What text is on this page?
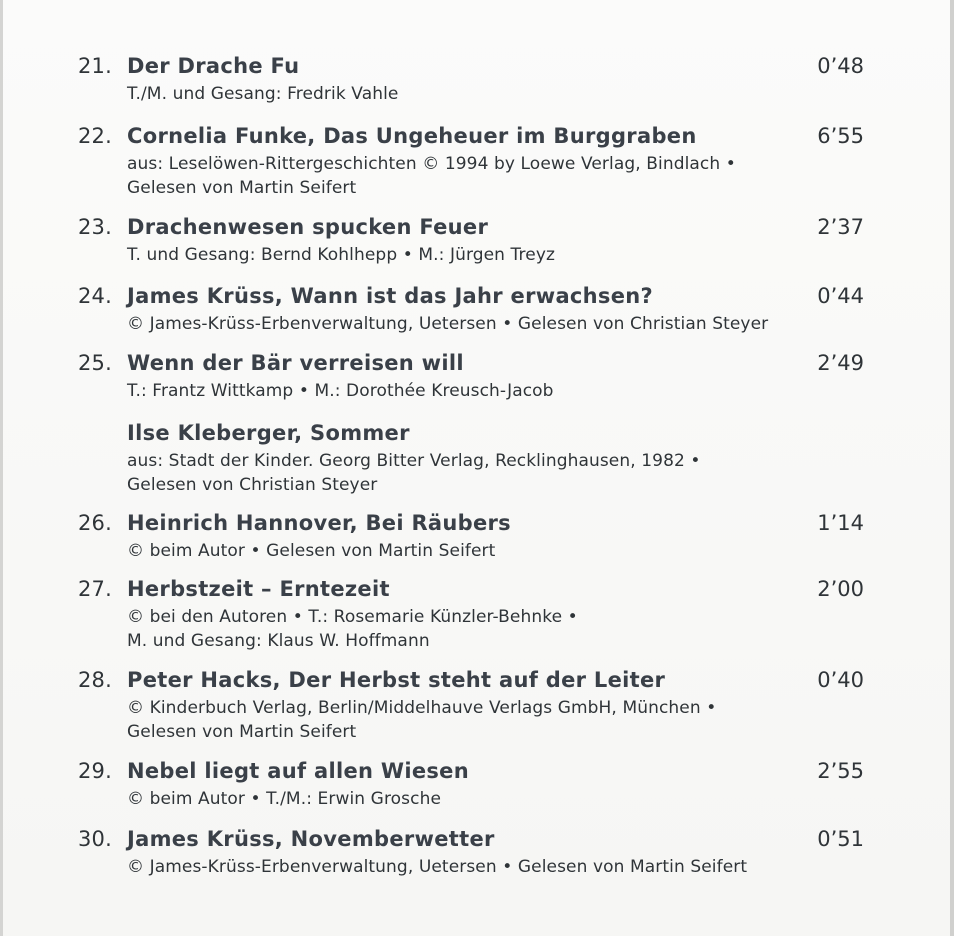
21. Der Drache Fu	0’48
T./M. und Gesang: Fredrik Vahle
22. Cornelia Funke, Das Ungeheuer im Burggraben	6’55
aus: Leselöwen-Rittergeschichten © 1994 by Loewe Verlag, Bindlach •
Gelesen von Martin Seifert
23. Drachenwesen spucken Feuer	2’37
T. und Gesang: Bernd Kohlhepp • M.: Jürgen Treyz
24. James Krüss, Wann ist das Jahr erwachsen?	0’44
© James-Krüss-Erbenverwaltung, Uetersen • Gelesen von Christian Steyer
25. Wenn der Bär verreisen will	2’49
T.: Frantz Wittkamp • M.: Dorothée Kreusch-Jacob
Ilse Kleberger, Sommer
aus: Stadt der Kinder. Georg Bitter Verlag, Recklinghausen, 1982 •
Gelesen von Christian Steyer
26. Heinrich Hannover, Bei Räubers	1’14
© beim Autor • Gelesen von Martin Seifert
27. Herbstzeit – Erntezeit	2’00
© bei den Autoren • T.: Rosemarie Künzler-Behnke •
M. und Gesang: Klaus W. Hoffmann
28. Peter Hacks, Der Herbst steht auf der Leiter	0’40
© Kinderbuch Verlag, Berlin/Middelhauve Verlags GmbH, München •
Gelesen von Martin Seifert
29. Nebel liegt auf allen Wiesen	2’55
© beim Autor • T./M.: Erwin Grosche
30. James Krüss, Novemberwetter	0’51
© James-Krüss-Erbenverwaltung, Uetersen • Gelesen von Martin Seifert
